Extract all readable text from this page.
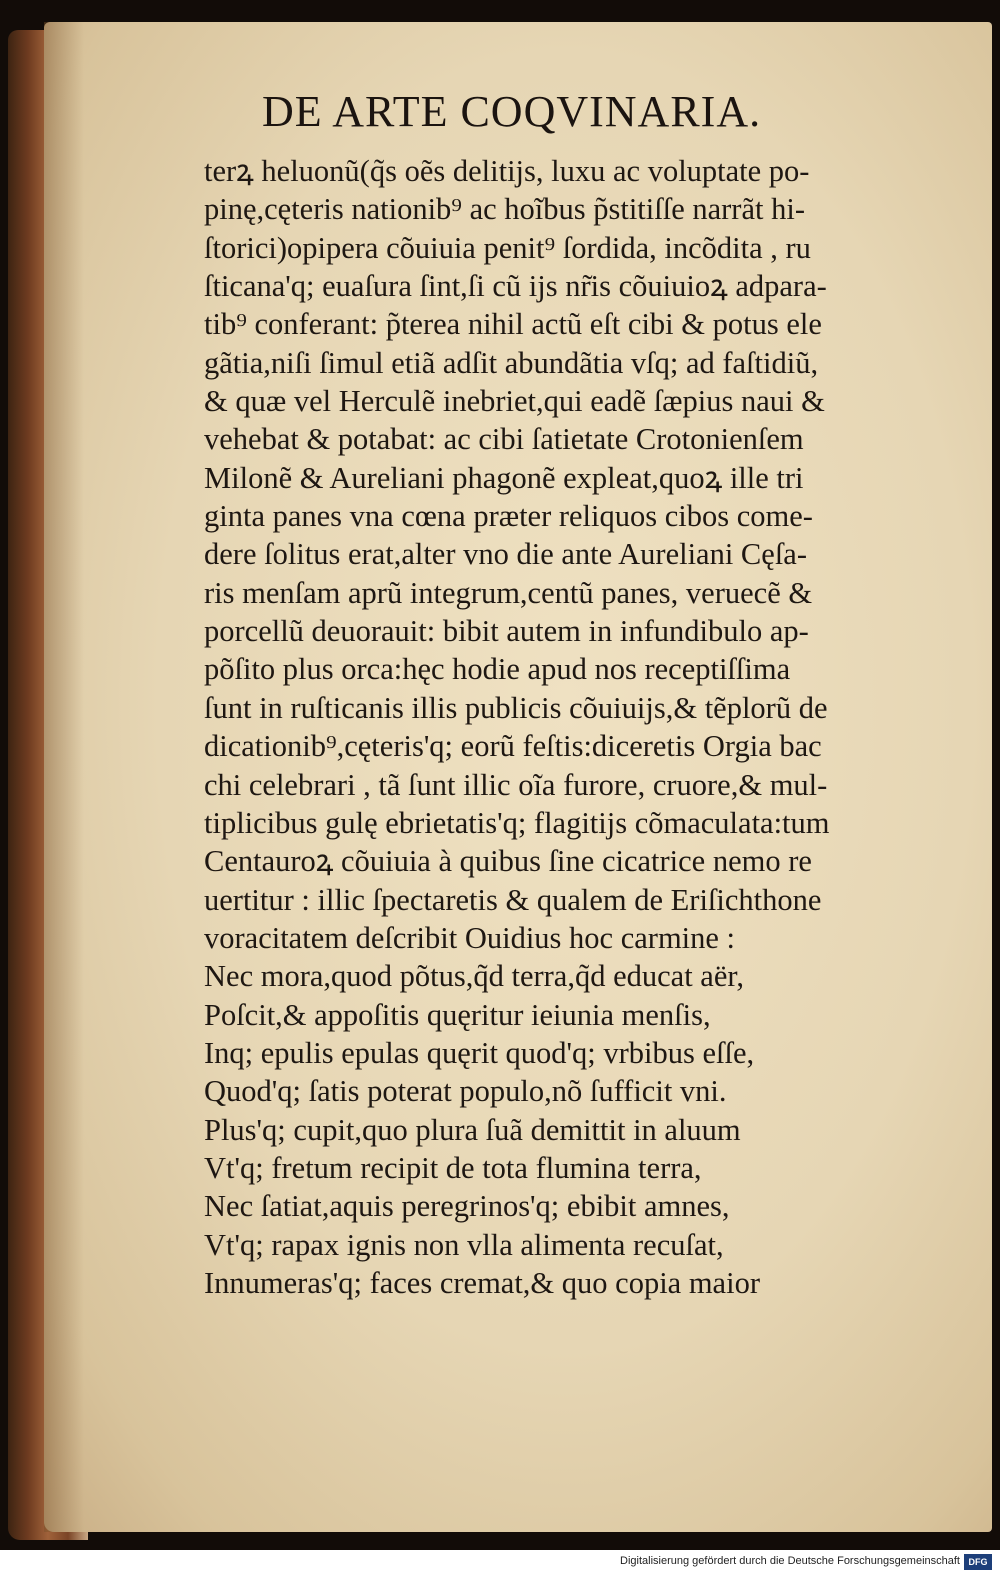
DE ARTE COQVINARIA.
terꝝ heluonũ(q̃s oẽs delitijs, luxu ac voluptate po-
pinę,cęteris nationib⁹ ac hoĩbus p̃stitiſſe narrãt hi-
ſtorici)opipera cõuiuia penit⁹ ſordida, incõdita , ru
ſticana'q; euaſura ſint,ſi cũ ijs nr̃is cõuiuioꝝ adpara-
tib⁹ conferant: p̃terea nihil actũ eſt cibi & potus ele
gãtia,niſi ſimul etiã adſit abundãtia vſq; ad faſtidiũ,
& quæ vel Herculẽ inebriet,qui eadẽ ſæpius naui &
vehebat & potabat: ac cibi ſatietate Crotonienſem
Milonẽ & Aureliani phagonẽ expleat,quoꝝ ille tri
ginta panes vna cœna præter reliquos cibos come-
dere ſolitus erat,alter vno die ante Aureliani Cęſa-
ris menſam aprũ integrum,centũ panes, veruecẽ &
porcellũ deuorauit: bibit autem in infundibulo ap-
põſito plus orca:hęc hodie apud nos receptiſſima
ſunt in ruſticanis illis publicis cõuiuijs,& tẽplorũ de
dicationib⁹,cęteris'q; eorũ feſtis:diceretis Orgia bac
chi celebrari , tã ſunt illic oĩa furore, cruore,& mul-
tiplicibus gulę ebrietatis'q; flagitijs cõmaculata:tum
Centauroꝝ cõuiuia à quibus ſine cicatrice nemo re
uertitur : illic ſpectaretis & qualem de Eriſichthone
voracitatem deſcribit Ouidius hoc carmine :
Nec mora,quod põtus,q̃d terra,q̃d educat aër,
Poſcit,& appoſitis quęritur ieiunia menſis,
Inq; epulis epulas quęrit quod'q; vrbibus eſſe,
Quod'q; ſatis poterat populo,nõ ſufficit vni.
Plus'q; cupit,quo plura ſuã demittit in aluum
Vt'q; fretum recipit de tota flumina terra,
Nec ſatiat,aquis peregrinos'q; ebibit amnes,
Vt'q; rapax ignis non vlla alimenta recuſat,
Innumeras'q; faces cremat,& quo copia maior
Digitalisierung gefördert durch die Deutsche Forschungsgemeinschaft DFG
